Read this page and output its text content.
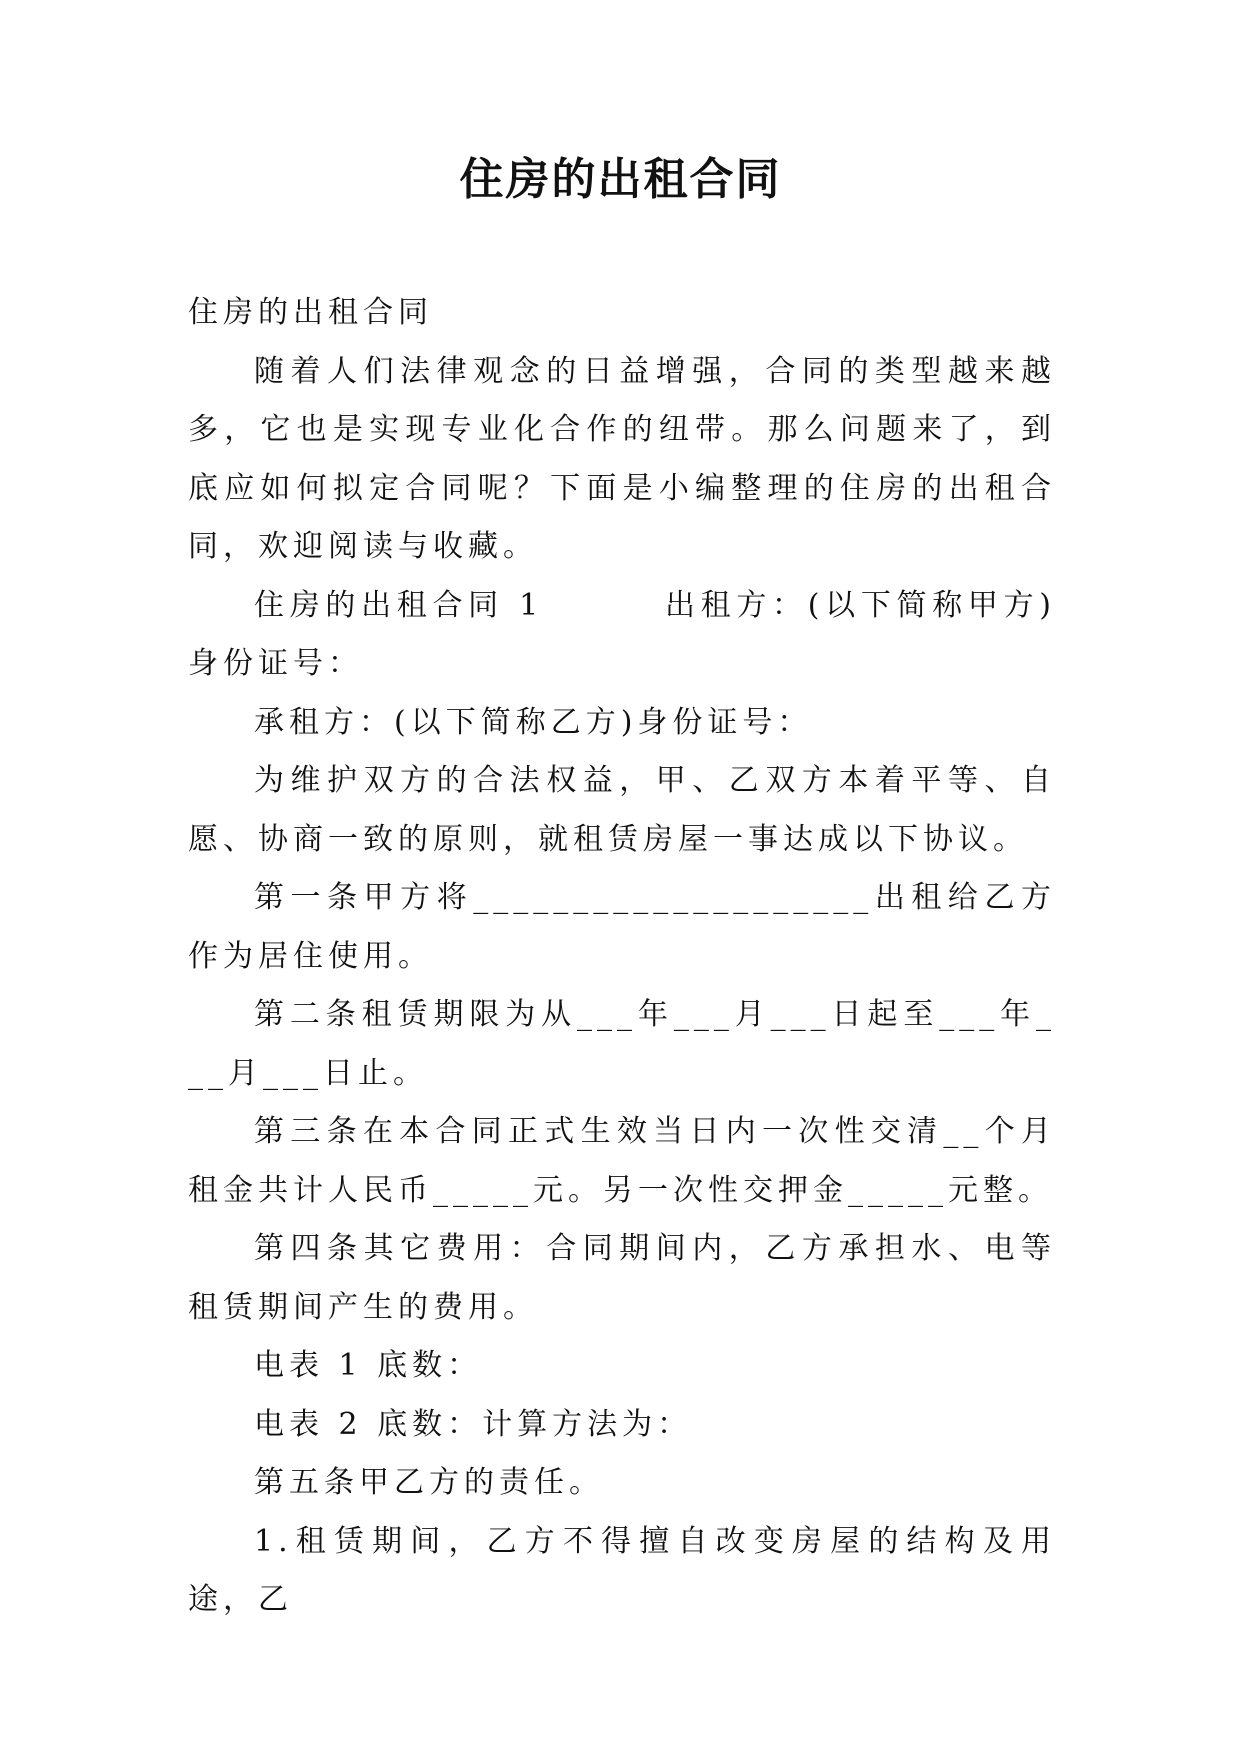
住房的出租合同

住房的出租合同

随着人们法律观念的日益增强，合同的类型越来越多，它也是实现专业化合作的纽带。那么问题来了，到底应如何拟定合同呢？下面是小编整理的住房的出租合同，欢迎阅读与收藏。

住房的出租合同 1        出租方：(以下简称甲方)身份证号：

承租方：(以下简称乙方)身份证号：

为维护双方的合法权益，甲、乙双方本着平等、自愿、协商一致的原则，就租赁房屋一事达成以下协议。

第一条甲方将____________________出租给乙方作为居住使用。

第二条租赁期限为从___年___月___日起至___年___月___日止。

第三条在本合同正式生效当日内一次性交清__个月租金共计人民币_____元。另一次性交押金_____元整。

第四条其它费用：合同期间内，乙方承担水、电等租赁期间产生的费用。

电表 1 底数：

电表 2 底数：计算方法为：

第五条甲乙方的责任。

1.租赁期间，乙方不得擅自改变房屋的结构及用途，乙
